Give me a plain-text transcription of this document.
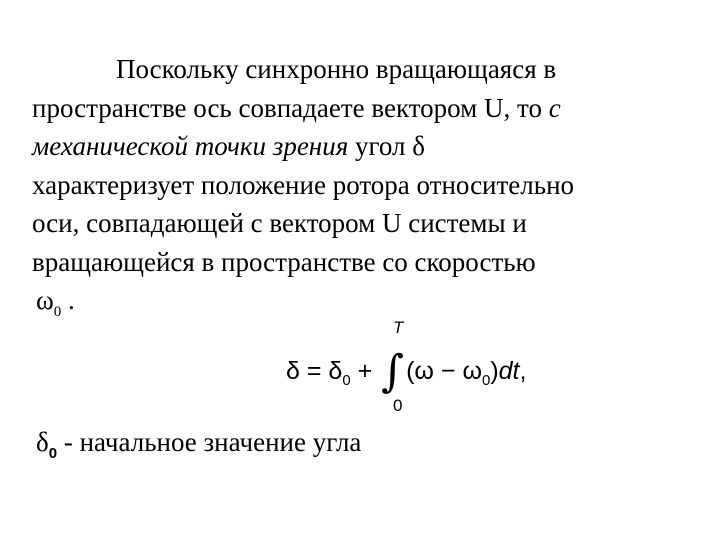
Поскольку синхронно вращающаяся в
пространстве ось совпадаете вектором U, то с
механической точки зрения угол δ
характеризует положение ротора относительно
оси, совпадающей с вектором U системы и
вращающейся в пространстве со скоростью
$\omega_0$ .
T
$\delta = \delta_0 + \int(\omega - \omega_0)dt$,
0
$\delta_0$ - начальное значение угла
